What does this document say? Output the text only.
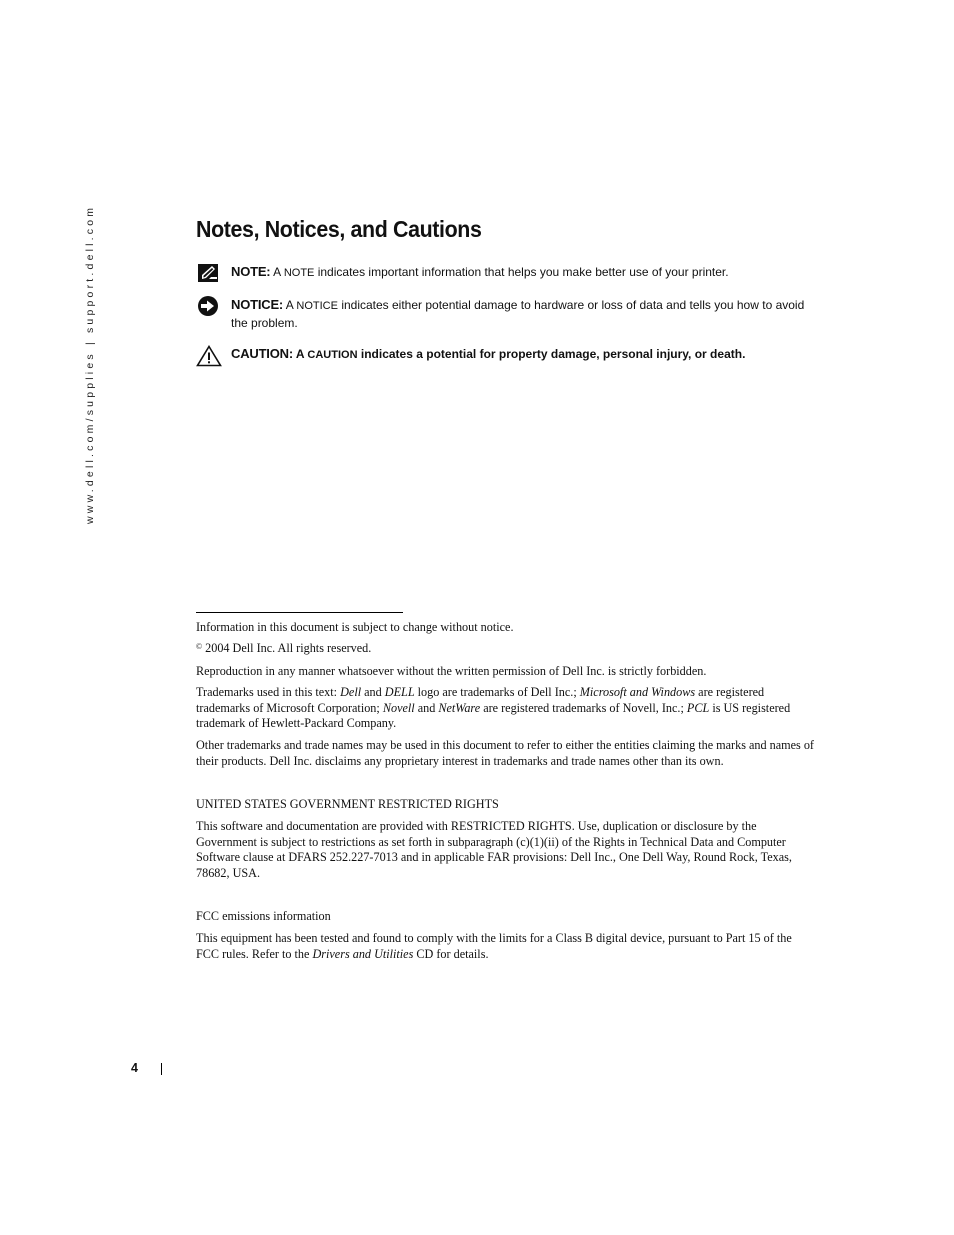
www.dell.com/supplies | support.dell.com	Notes, Notices, and Cautions
NOTE: A NOTE indicates important information that helps you make better use of your printer.
NOTICE: A NOTICE indicates either potential damage to hardware or loss of data and tells you how to avoid the problem.
CAUTION: A CAUTION indicates a potential for property damage, personal injury, or death.

Information in this document is subject to change without notice.

© 2004 Dell Inc. All rights reserved.

Reproduction in any manner whatsoever without the written permission of Dell Inc. is strictly forbidden.

Trademarks used in this text: Dell and DELL logo are trademarks of Dell Inc.; Microsoft and Windows are registered trademarks of Microsoft Corporation; Novell and NetWare are registered trademarks of Novell, Inc.; PCL is US registered trademark of Hewlett-Packard Company.

Other trademarks and trade names may be used in this document to refer to either the entities claiming the marks and names of their products. Dell Inc. disclaims any proprietary interest in trademarks and trade names other than its own.

UNITED STATES GOVERNMENT RESTRICTED RIGHTS

This software and documentation are provided with RESTRICTED RIGHTS. Use, duplication or disclosure by the Government is subject to restrictions as set forth in subparagraph (c)(1)(ii) of the Rights in Technical Data and Computer Software clause at DFARS 252.227-7013 and in applicable FAR provisions: Dell Inc., One Dell Way, Round Rock, Texas, 78682, USA.

FCC emissions information

This equipment has been tested and found to comply with the limits for a Class B digital device, pursuant to Part 15 of the FCC rules. Refer to the Drivers and Utilities CD for details.

4
